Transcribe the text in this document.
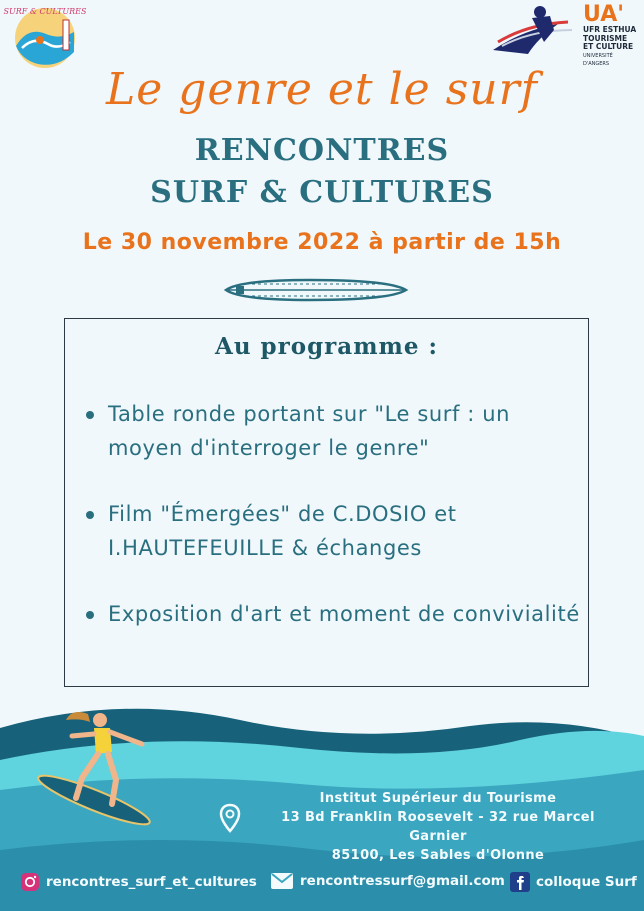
SURF & CULTURES	UA'
UFR ESTHUA
TOURISME
ET CULTURE
UNIVERSITÉ D'ANGERS
Le genre et le surf
RENCONTRES
SURF & CULTURES
Le 30 novembre 2022 à partir de 15h
Au programme :
Table ronde portant sur "Le surf : un moyen d'interroger le genre"
Film "Émergées" de C.DOSIO et I.HAUTEFEUILLE & échanges
Exposition d'art et moment de convivialité
Institut Supérieur du Tourisme
13 Bd Franklin Roosevelt - 32 rue Marcel
Garnier
85100, Les Sables d'Olonne
rencontres_surf_et_cultures	rencontressurf@gmail.com colloque Surf
